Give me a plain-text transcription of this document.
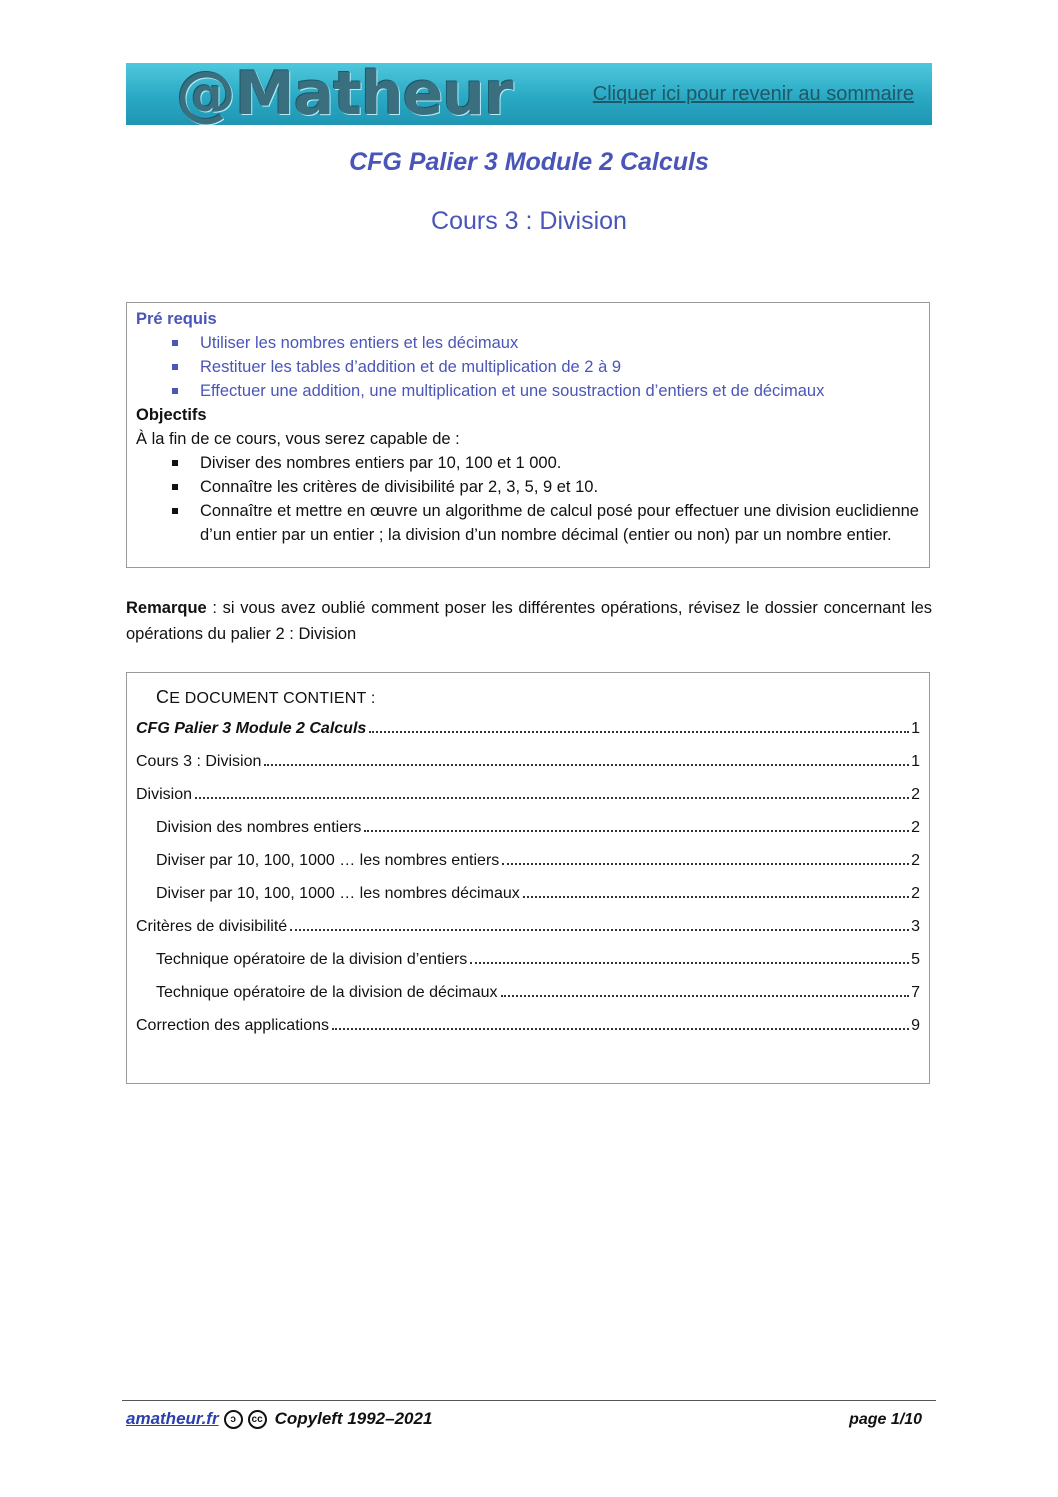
@Matheur	Cliquer ici pour revenir au sommaire
CFG Palier 3 Module 2 Calculs
Cours 3 : Division
Pré requis
Utiliser les nombres entiers et les décimaux
Restituer les tables d’addition et de multiplication de 2 à 9
Effectuer une addition, une multiplication et une soustraction d’entiers et de décimaux
Objectifs
À la fin de ce cours, vous serez capable de :
Diviser des nombres entiers par 10, 100 et 1 000.
Connaître les critères de divisibilité par 2, 3, 5, 9 et 10.
Connaître et mettre en œuvre un algorithme de calcul posé pour effectuer une division euclidienne d’un entier par un entier ; la division d’un nombre décimal (entier ou non) par un nombre entier.
Remarque : si vous avez oublié comment poser les différentes opérations, révisez le dossier concernant les opérations du palier 2 : Division
CE DOCUMENT CONTIENT :
CFG Palier 3 Module 2 Calculs	1
Cours 3 : Division	1
Division	2
Division des nombres entiers	2
Diviser par 10, 100, 1000 … les nombres entiers	2
Diviser par 10, 100, 1000 … les nombres décimaux	2
Critères de divisibilité	3
Technique opératoire de la division d’entiers	5
Technique opératoire de la division de décimaux	7
Correction des applications	9
amatheur.fr	ↄ	cc Copyleft 1992–2021	page 1/10
